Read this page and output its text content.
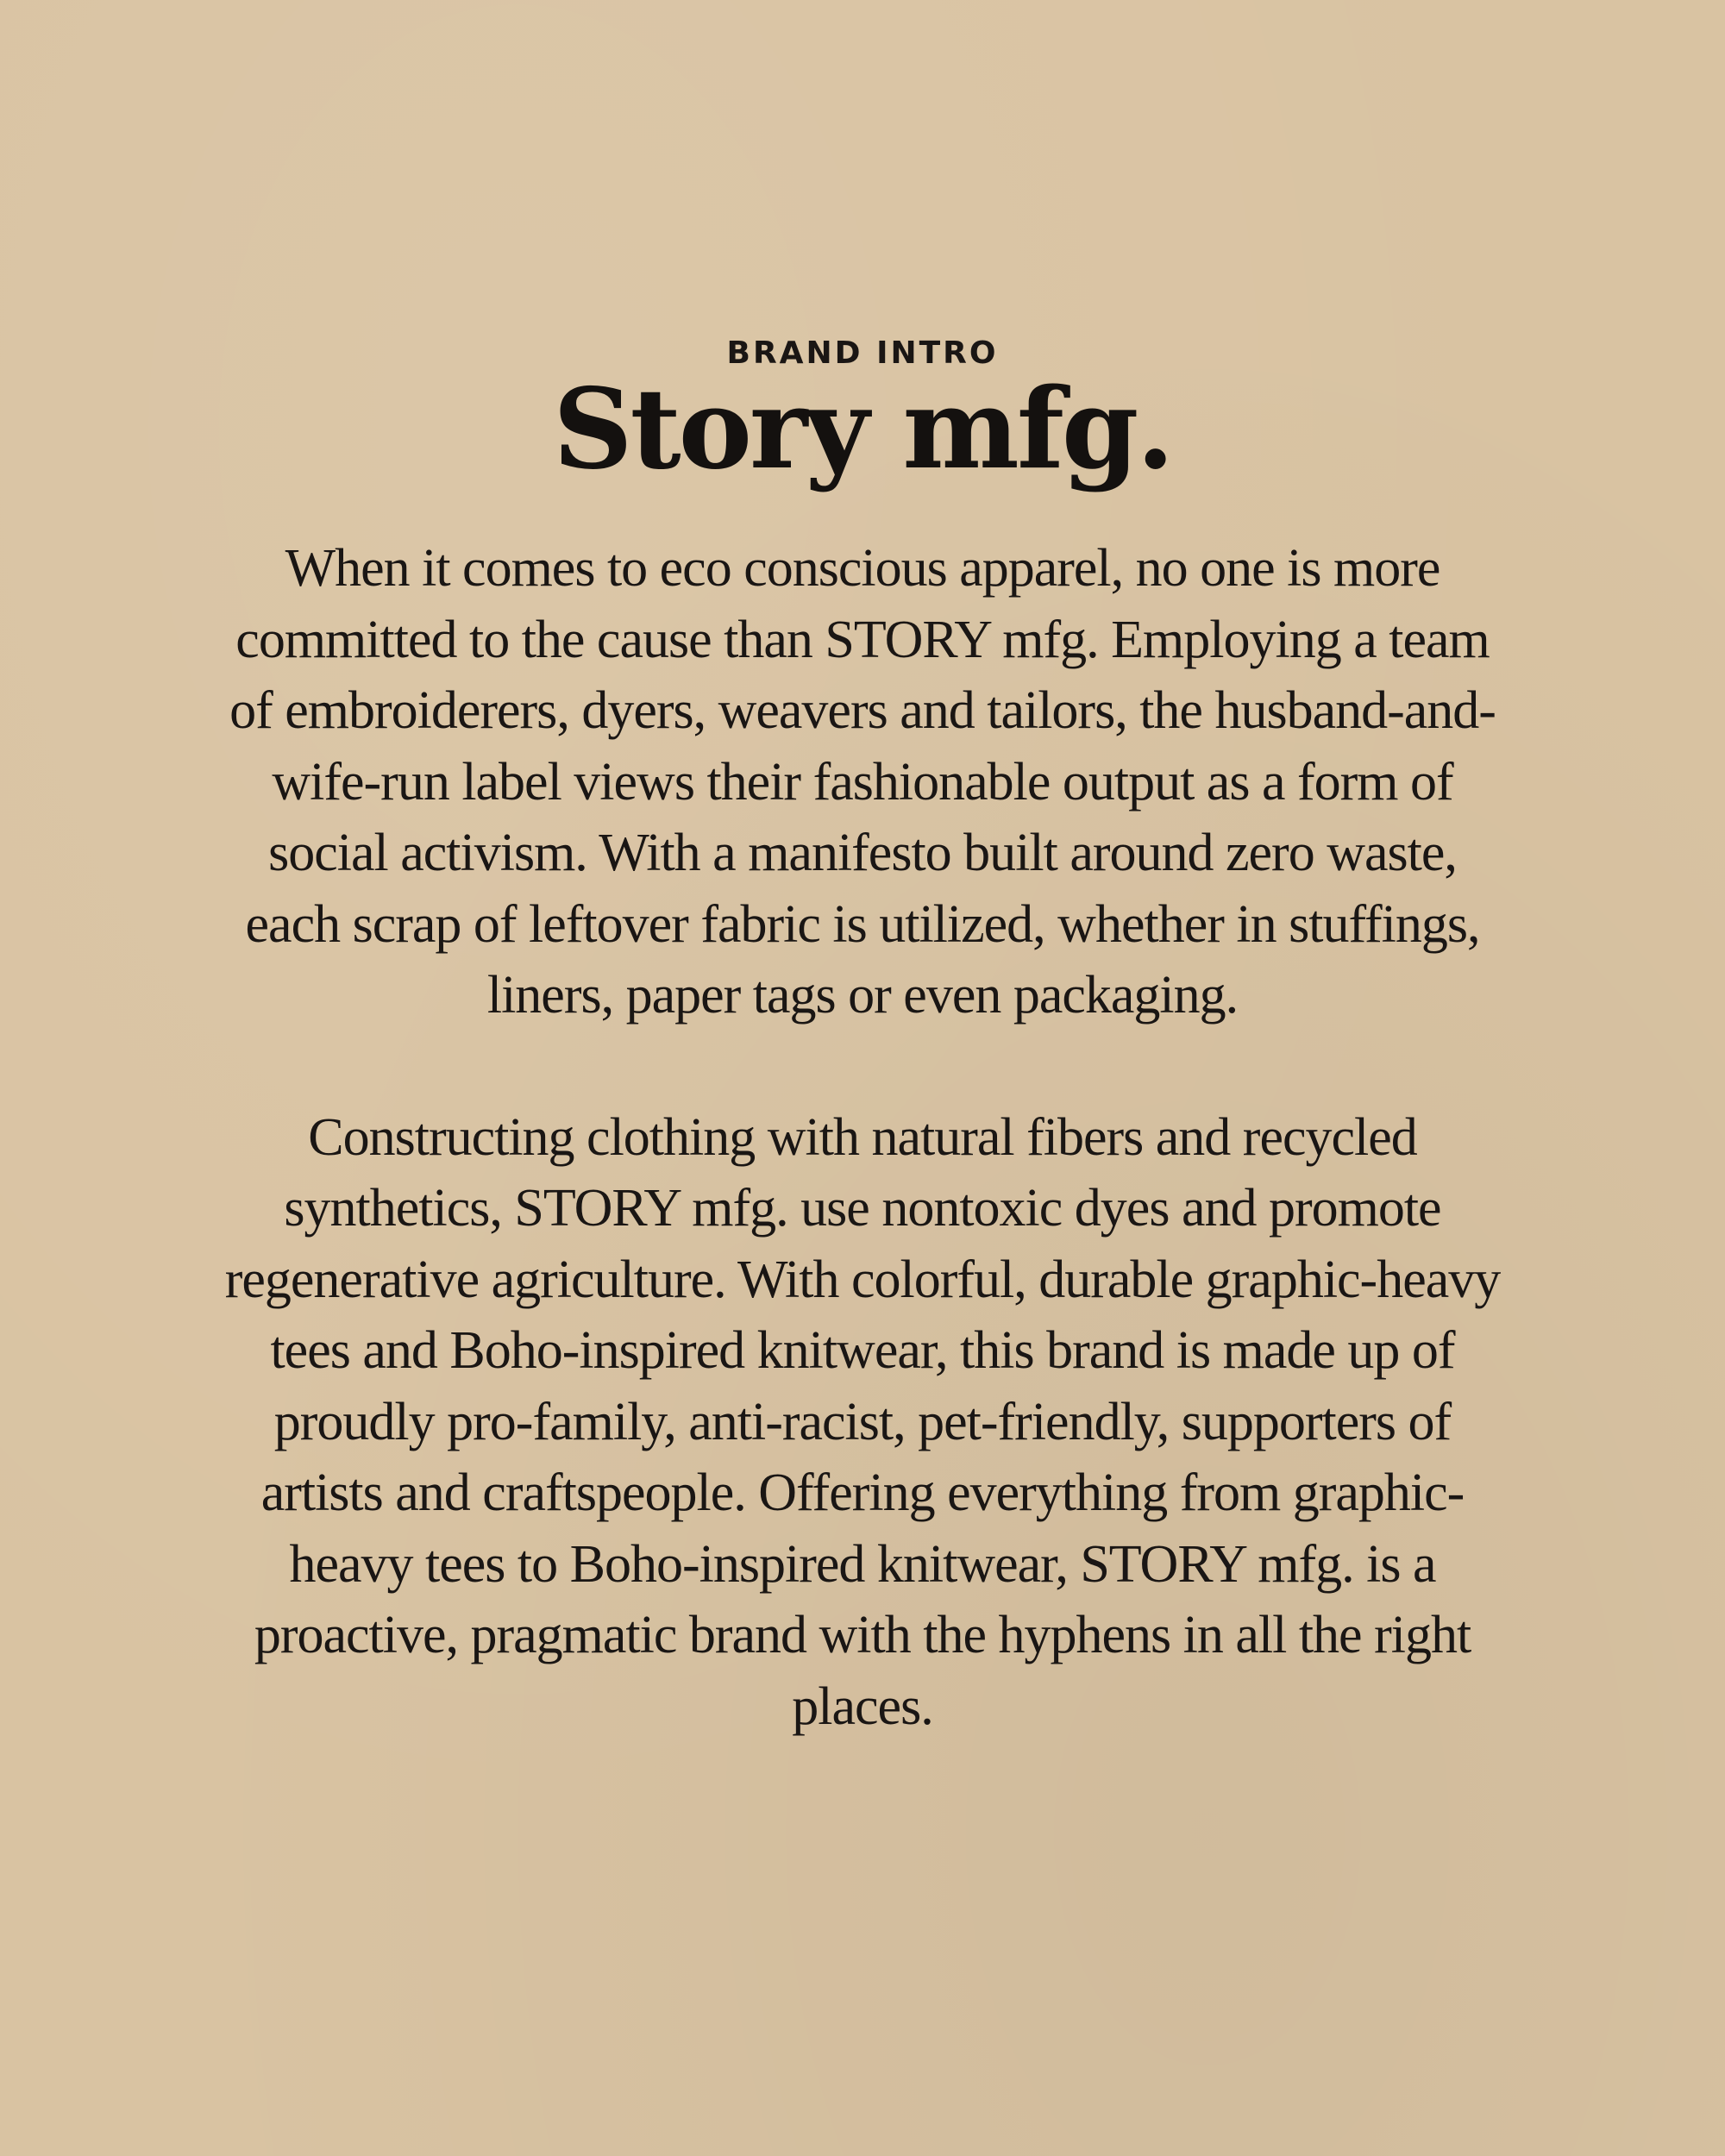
BRAND INTRO
Story mfg.

When it comes to eco conscious apparel, no one is more committed to the cause than STORY mfg. Employing a team of embroiderers, dyers, weavers and tailors, the husband-and-wife-run label views their fashionable output as a form of social activism. With a manifesto built around zero waste, each scrap of leftover fabric is utilized, whether in stuffings, liners, paper tags or even packaging.

Constructing clothing with natural fibers and recycled synthetics, STORY mfg. use nontoxic dyes and promote regenerative agriculture. With colorful, durable graphic-heavy tees and Boho-inspired knitwear, this brand is made up of proudly pro-family, anti-racist, pet-friendly, supporters of artists and craftspeople. Offering everything from graphic-heavy tees to Boho-inspired knitwear, STORY mfg. is a proactive, pragmatic brand with the hyphens in all the right places.
